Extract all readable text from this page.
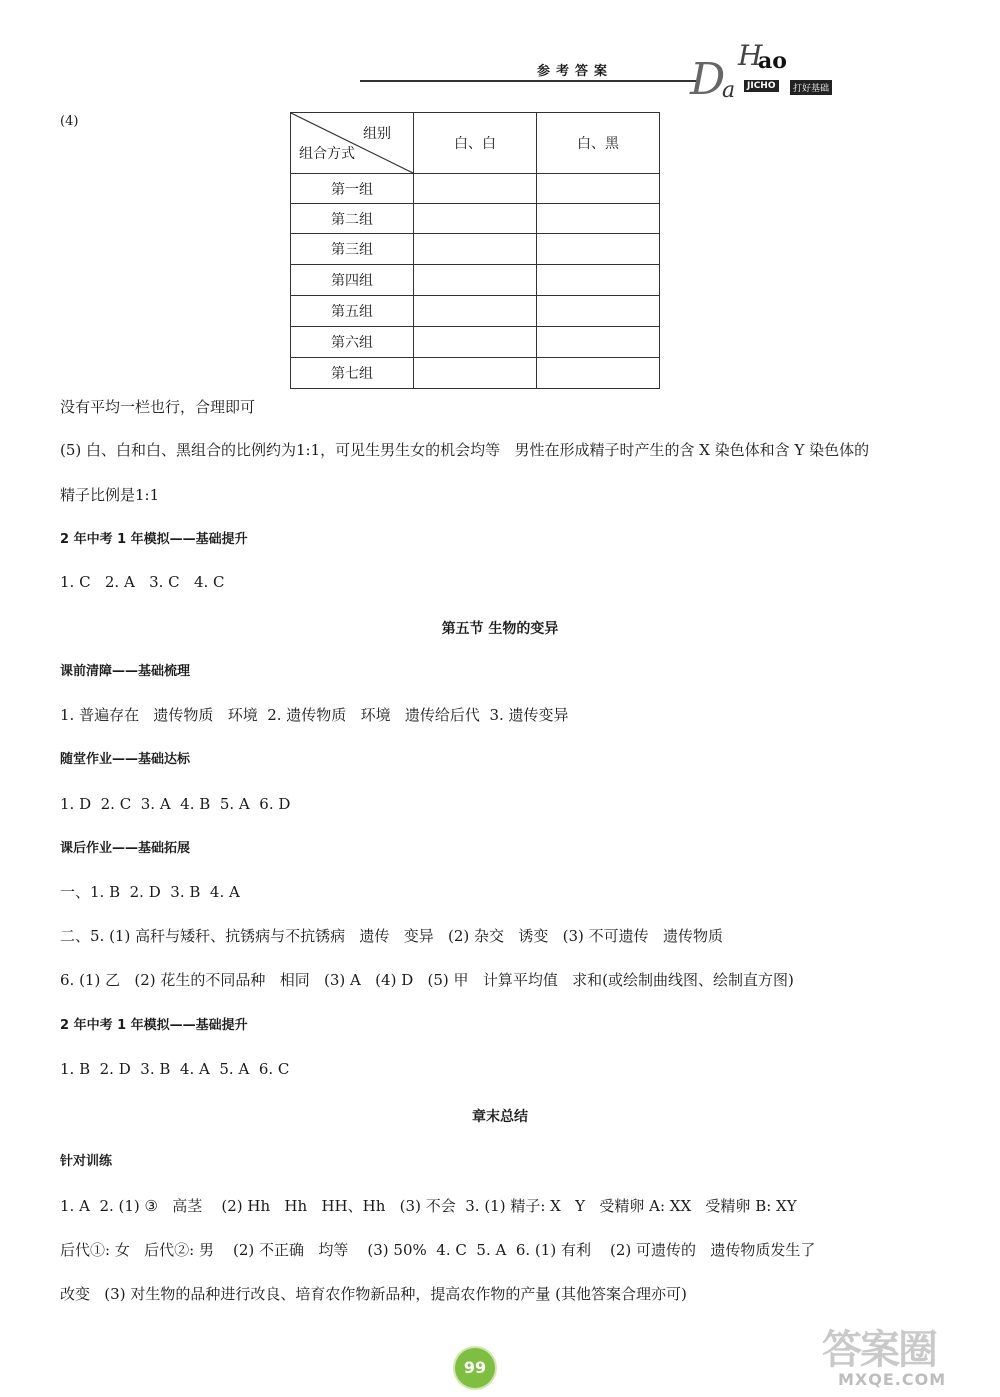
参考答案 D
a
H
ao
JICHO	打好基础
(4)
组别
组合方式	白、白	白、黑
第一组		
第二组		
第三组		
第四组		
第五组		
第六组		
第七组		
没有平均一栏也行，合理即可
(5) 白、白和白、黑组合的比例约为1:1，可见生男生女的机会均等   男性在形成精子时产生的含 X 染色体和含 Y 染色体的
精子比例是1:1
2 年中考 1 年模拟——基础提升
1. C   2. A   3. C   4. C
第五节 生物的变异
课前清障——基础梳理
1. 普遍存在   遗传物质   环境  2. 遗传物质   环境   遗传给后代  3. 遗传变异
随堂作业——基础达标
1. D  2. C  3. A  4. B  5. A  6. D
课后作业——基础拓展
一、1. B  2. D  3. B  4. A
二、5. (1) 高秆与矮秆、抗锈病与不抗锈病   遗传   变异   (2) 杂交   诱变   (3) 不可遗传   遗传物质
6. (1) 乙   (2) 花生的不同品种   相同   (3) A   (4) D   (5) 甲   计算平均值   求和(或绘制曲线图、绘制直方图)
2 年中考 1 年模拟——基础提升
1. B  2. D  3. B  4. A  5. A  6. C
章末总结
针对训练
1. A  2. (1) ③   高茎    (2) Hh   Hh   HH、Hh   (3) 不会  3. (1) 精子: X   Y   受精卵 A: XX   受精卵 B: XY
后代①: 女   后代②: 男    (2) 不正确   均等    (3) 50%  4. C  5. A  6. (1) 有利    (2) 可遗传的   遗传物质发生了
改变   (3) 对生物的品种进行改良、培育农作物新品种，提高农作物的产量 (其他答案合理亦可)
99	答案圈
MXQE.COM
